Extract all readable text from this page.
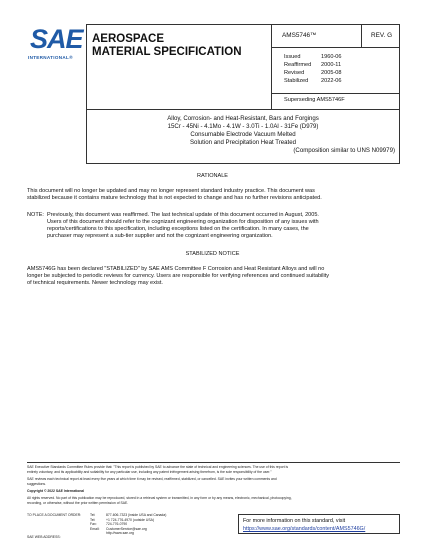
SAE
INTERNATIONAL®
AEROSPACE
MATERIAL SPECIFICATION
AMS5746™	REV. G
Issued	1960-06
Reaffirmed 2000-11
Revised	2005-08
Stabilized 2022-06
Superseding AMS5746F
Alloy, Corrosion- and Heat-Resistant, Bars and Forgings
15Cr - 45Ni - 4.1Mo - 4.1W - 3.0Ti - 1.0Al - 31Fe (D979)
Consumable Electrode Vacuum Melted
Solution and Precipitation Heat Treated
(Composition similar to UNS N09979)
RATIONALE
This document will no longer be updated and may no longer represent standard industry practice. This document was
stabilized because it contains mature technology that is not expected to change and has no further revisions anticipated.
NOTE: Previously, this document was reaffirmed. The last technical update of this document occurred in August, 2005.
Users of this document should refer to the cognizant engineering organization for disposition of any issues with
reports/certifications to this specification, including exceptions listed on the certification. In many cases, the
purchaser may represent a sub-tier supplier and not the cognizant engineering organization.
STABILIZED NOTICE
AMS5746G has been declared "STABILIZED" by SAE AMS Committee F Corrosion and Heat Resistant Alloys and will no
longer be subjected to periodic reviews for currency. Users are responsible for verifying references and continued suitability
of technical requirements. Newer technology may exist.
SAE Executive Standards Committee Rules provide that: "This report is published by SAE to advance the state of technical and engineering sciences. The use of this report is
entirely voluntary, and its applicability and suitability for any particular use, including any patent infringement arising therefrom, is the sole responsibility of the user."
SAE reviews each technical report at least every five years at which time it may be revised, reaffirmed, stabilized, or cancelled. SAE invites your written comments and
suggestions.
Copyright © 2022 SAE International
All rights reserved. No part of this publication may be reproduced, stored in a retrieval system or transmitted, in any form or by any means, electronic, mechanical, photocopying,
recording, or otherwise, without the prior written permission of SAE.
TO PLACE A DOCUMENT ORDER:	Tel:	877-606-7323 (inside USA and Canada)
Tel:	+1 724-776-4970 (outside USA)
Fax:	724-776-0790
Email: CustomerService@sae.org
http://www.sae.org
SAE WEB ADDRESS:
For more information on this standard, visit
https://www.sae.org/standards/content/AMS5746G/
